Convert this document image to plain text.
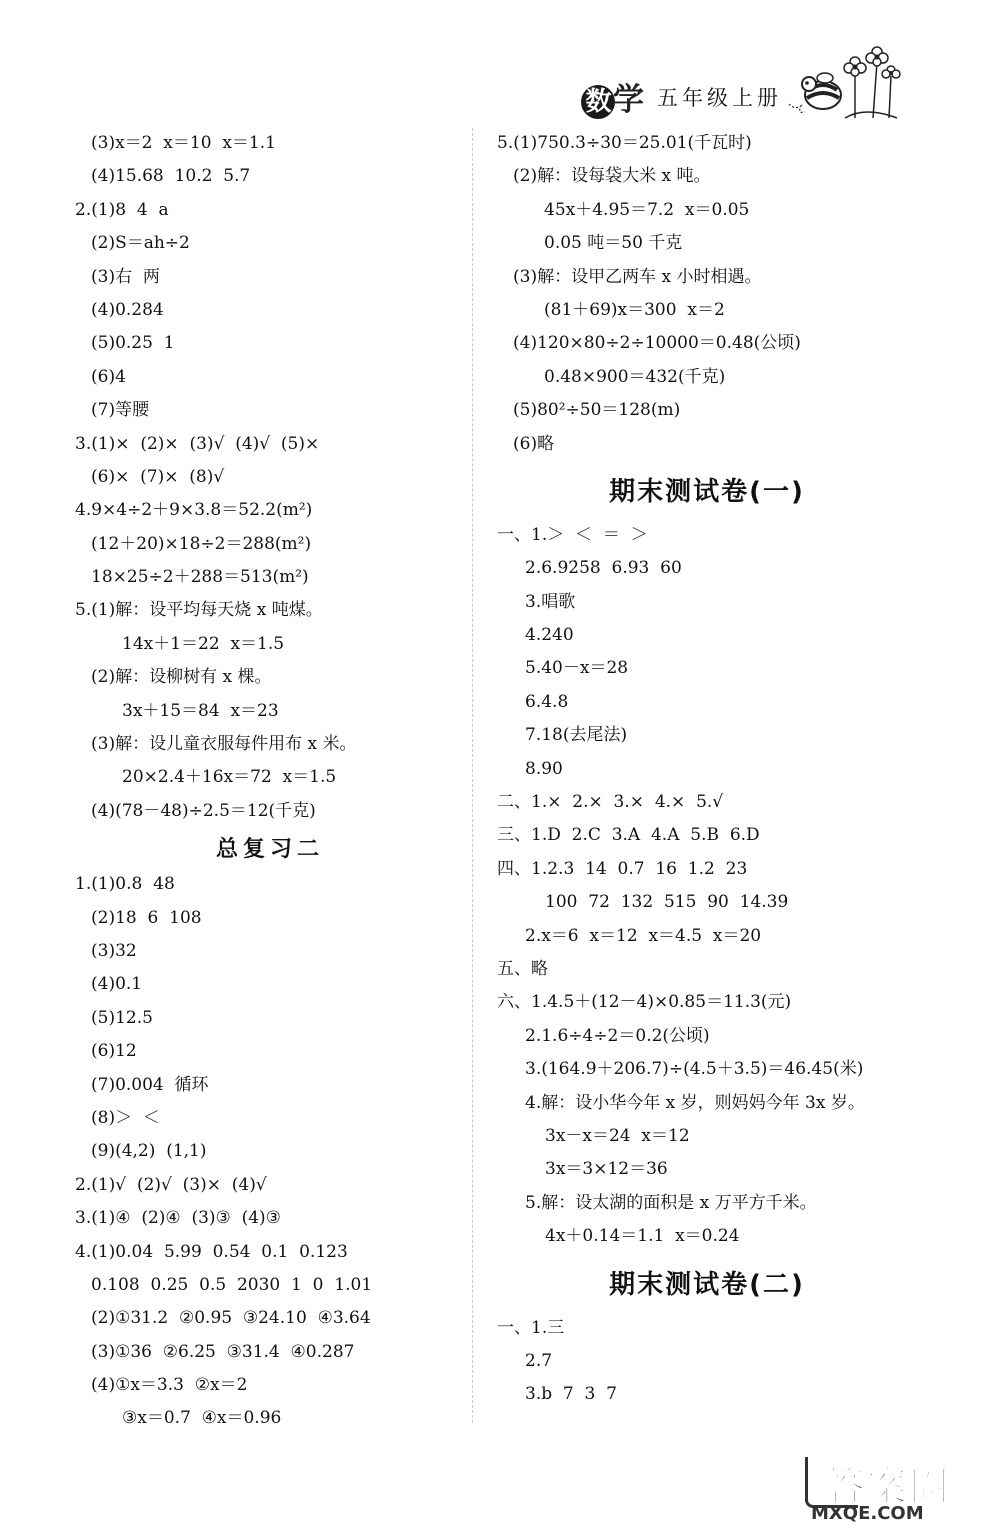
数学 五年级上册
(3)x＝2  x＝10  x＝1.1
(4)15.68  10.2  5.7
2.(1)8  4  a
(2)S＝ah÷2
(3)右  两
(4)0.284
(5)0.25  1
(6)4
(7)等腰
3.(1)×  (2)×  (3)√  (4)√  (5)×
(6)×  (7)×  (8)√
4.9×4÷2＋9×3.8＝52.2(m²)
(12＋20)×18÷2＝288(m²)
18×25÷2＋288＝513(m²)
5.(1)解：设平均每天烧 x 吨煤。
14x＋1＝22  x＝1.5
(2)解：设柳树有 x 棵。
3x＋15＝84  x＝23
(3)解：设儿童衣服每件用布 x 米。
20×2.4＋16x＝72  x＝1.5
(4)(78－48)÷2.5＝12(千克)
总复习二
1.(1)0.8  48
(2)18  6  108
(3)32
(4)0.1
(5)12.5
(6)12
(7)0.004̇  循环
(8)＞  ＜
(9)(4,2)  (1,1)
2.(1)√  (2)√  (3)×  (4)√
3.(1)④  (2)④  (3)③  (4)③
4.(1)0.04  5.99  0.54  0.1  0.123
0.108  0.25  0.5  2030  1  0  1.01
(2)①31.2  ②0.95  ③24.10  ④3.64
(3)①36  ②6.25  ③31.4  ④0.287
(4)①x＝3.3  ②x＝2
③x＝0.7  ④x＝0.96
5.(1)750.3÷30＝25.01(千瓦时)
(2)解：设每袋大米 x 吨。
45x＋4.95＝7.2  x＝0.05
0.05 吨＝50 千克
(3)解：设甲乙两车 x 小时相遇。
(81＋69)x＝300  x＝2
(4)120×80÷2÷10000＝0.48(公顷)
0.48×900＝432(千克)
(5)80²÷50＝128(m)
(6)略
期末测试卷(一)
一、1.＞  ＜  ＝  ＞
2.6.92̇5̇8  6.93  60
3.唱歌
4.240
5.40－x＝28
6.4.8
7.18(去尾法)
8.90
二、1.×  2.×  3.×  4.×  5.√
三、1.D  2.C  3.A  4.A  5.B  6.D
四、1.2.3  14  0.7  16  1.2  23
100  72  132  515  90  14.39
2.x＝6  x＝12  x＝4.5  x＝20
五、略
六、1.4.5＋(12－4)×0.85＝11.3(元)
2.1.6÷4÷2＝0.2(公顷)
3.(164.9＋206.7)÷(4.5＋3.5)＝46.45(米)
4.解：设小华今年 x 岁，则妈妈今年 3x 岁。
3x－x＝24  x＝12
3x＝3×12＝36
5.解：设太湖的面积是 x 万平方千米。
4x＋0.14＝1.1  x＝0.24
期末测试卷(二)
一、1.三
2.7
3.b  7  3  7
答案圈
MXQE.COM
